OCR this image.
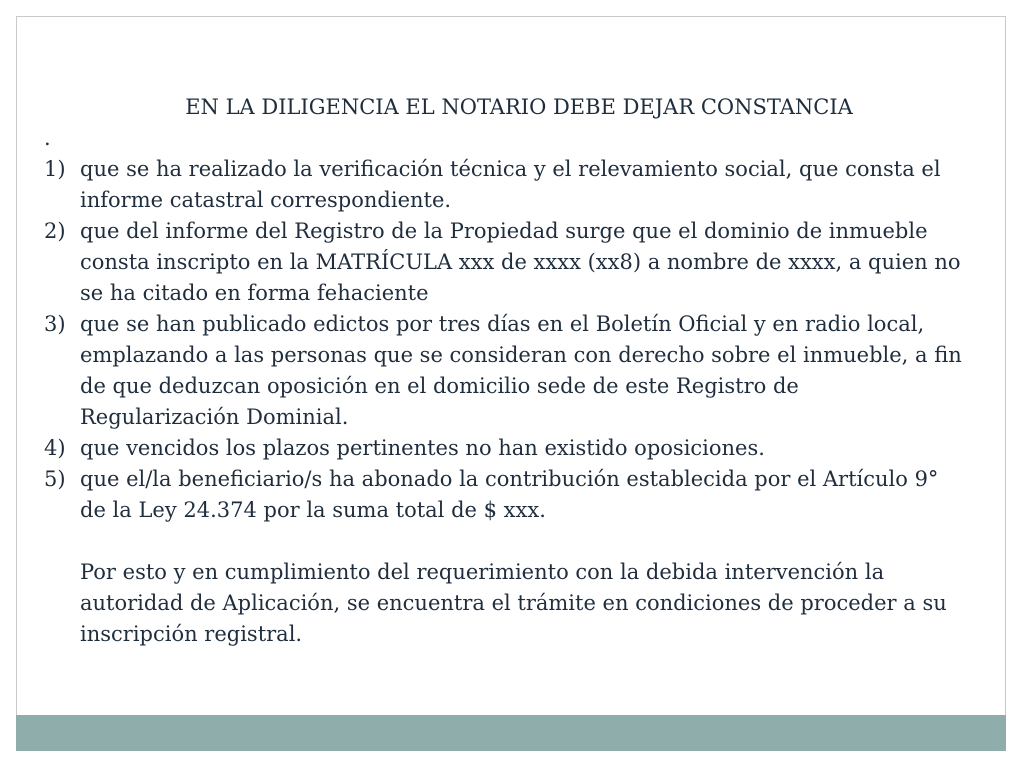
EN LA DILIGENCIA EL NOTARIO DEBE DEJAR CONSTANCIA
.
1) que se ha realizado la verificación técnica y el relevamiento social, que consta el informe catastral correspondiente.
2) que del informe del Registro de la Propiedad surge que el dominio de inmueble consta inscripto en la MATRÍCULA xxx de xxxx (xx8) a nombre de xxxx, a quien no se ha citado en forma fehaciente
3) que se han publicado edictos por tres días en el Boletín Oficial y en radio local, emplazando a las personas que se consideran con derecho sobre el inmueble, a fin de que deduzcan oposición en el domicilio sede de este Registro de Regularización Dominial.
4) que vencidos los plazos pertinentes no han existido oposiciones.
5) que el/la beneficiario/s ha abonado la contribución establecida por el Artículo 9° de la Ley 24.374 por la suma total de $ xxx.
Por esto y en cumplimiento del requerimiento con la debida intervención la autoridad de Aplicación, se encuentra el trámite en condiciones de proceder a su inscripción registral.
